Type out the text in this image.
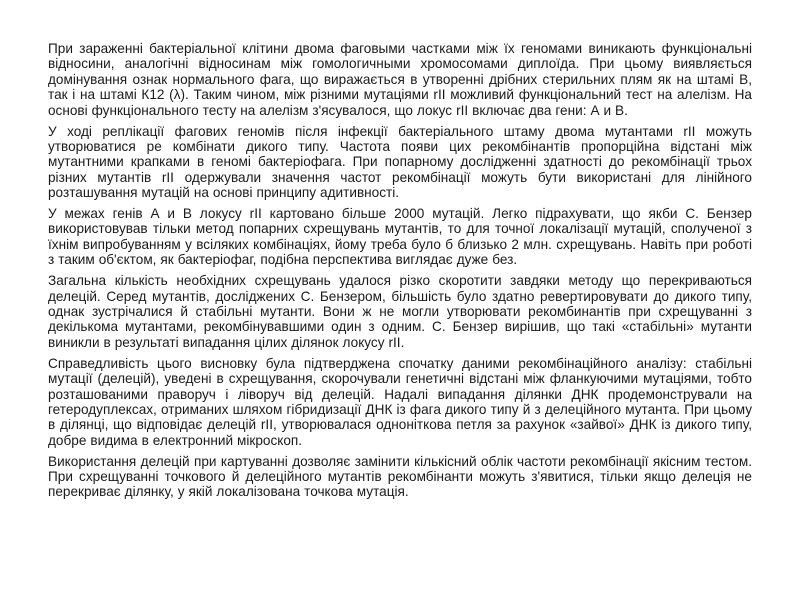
При зараженні бактеріальної клітини двома фаговыми частками між їх геномами виникають функціональні відносини, аналогічні відносинам між гомологичными хромосомами диплоїда. При цьому виявляється домінування ознак нормального фага, що виражається в утворенні дрібних стерильних плям як на штамі В, так і на штамі К12 (λ). Таким чином, між різними мутаціями rII можливий функціональний тест на алелізм. На основі функціонального тесту на алелізм з'ясувалося, що локус rII включає два гени: А и В.

У ході реплікації фагових геномів після інфекції бактеріального штаму двома мутантами rII можуть утворюватися ре комбінати дикого типу. Частота появи цих рекомбінантів пропорційна відстані між мутантними крапками в геномі бактеріофага. При попарному дослідженні здатності до рекомбінації трьох різних мутантів rII одержували значення частот рекомбінації можуть бути використані для лінійного розташування мутацій на основі принципу адитивності.

У межах генів А и В локусу rII картовано більше 2000 мутацій. Легко підрахувати, що якби С. Бензер використовував тільки метод попарних схрещувань мутантів, то для точної локалізації мутацій, сполученої з їхнім випробуванням у всіляких комбінаціях, йому треба було б близько 2 млн. схрещувань. Навіть при роботі з таким об'єктом, як бактеріофаг, подібна перспектива виглядає дуже без.

Загальна кількість необхідних схрещувань удалося різко скоротити завдяки методу що перекриваються делецій. Серед мутантів, досліджених С. Бензером, більшість було здатно ревертировувати до дикого типу, однак зустрічалися й стабільні мутанти. Вони ж не могли утворювати рекомбинантів при схрещуванні з декількома мутантами, рекомбінувавшими один з одним. С. Бензер вирішив, що такі «стабільні» мутанти виникли в результаті випадання цілих ділянок локусу rII.

Справедливість цього висновку була підтверджена спочатку даними рекомбінаційного аналізу: стабільні мутації (делецій), уведені в схрещування, скорочували генетичні відстані між фланкуючими мутаціями, тобто розташованими праворуч і ліворуч від делецій. Надалі випадання ділянки ДНК продемонстрували на гетеродуплексах, отриманих шляхом гібридизації ДНК із фага дикого типу й з делеційного мутанта. При цьому в ділянці, що відповідає делецій rII, утворювалася одноніткова петля за рахунок «зайвої» ДНК із дикого типу, добре видима в електронний мікроскоп.

Використання делецій при картуванні дозволяє замінити кількісний облік частоти рекомбінації якісним тестом. При схрещуванні точкового й делеційного мутантів рекомбінанти можуть з'явитися, тільки якщо делеція не перекриває ділянку, у якій локалізована точкова мутація.
